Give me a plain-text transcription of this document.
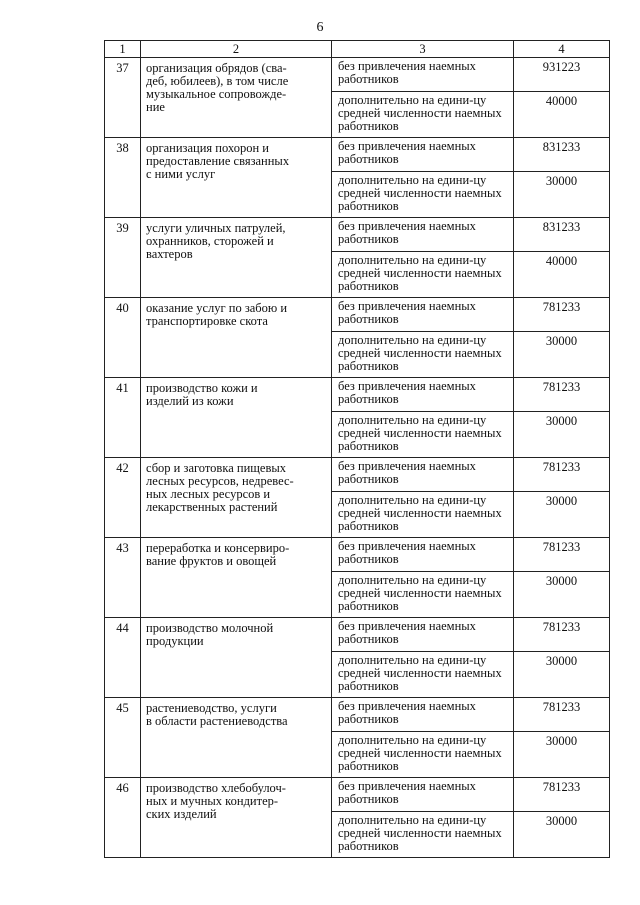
6
1	2	3	4
37	организация обрядов (сва-
деб, юбилеев), в том числе
музыкальное сопровожде-
ние	без привлечения наемных работников	931223
		дополнительно на едини-цу средней численности наемных работников	40000
38	организация похорон и
предоставление связанных
с ними услуг	без привлечения наемных работников	831233
		дополнительно на едини-цу средней численности наемных работников	30000
39	услуги уличных патрулей,
охранников, сторожей и
вахтеров	без привлечения наемных работников	831233
		дополнительно на едини-цу средней численности наемных работников	40000
40	оказание услуг по забою и
транспортировке скота	без привлечения наемных работников	781233
		дополнительно на едини-цу средней численности наемных работников	30000
41	производство кожи и
изделий из кожи	без привлечения наемных работников	781233
		дополнительно на едини-цу средней численности наемных работников	30000
42	сбор и заготовка пищевых
лесных ресурсов, недревес-
ных лесных ресурсов и
лекарственных растений	без привлечения наемных работников	781233
		дополнительно на едини-цу средней численности наемных работников	30000
43	переработка и консервиро-
вание фруктов и овощей	без привлечения наемных работников	781233
		дополнительно на едини-цу средней численности наемных работников	30000
44	производство молочной
продукции	без привлечения наемных работников	781233
		дополнительно на едини-цу средней численности наемных работников	30000
45	растениеводство, услуги
в области растениеводства	без привлечения наемных работников	781233
		дополнительно на едини-цу средней численности наемных работников	30000
46	производство хлебобулоч-
ных и мучных кондитер-
ских изделий	без привлечения наемных работников	781233
		дополнительно на едини-цу средней численности наемных работников	30000
